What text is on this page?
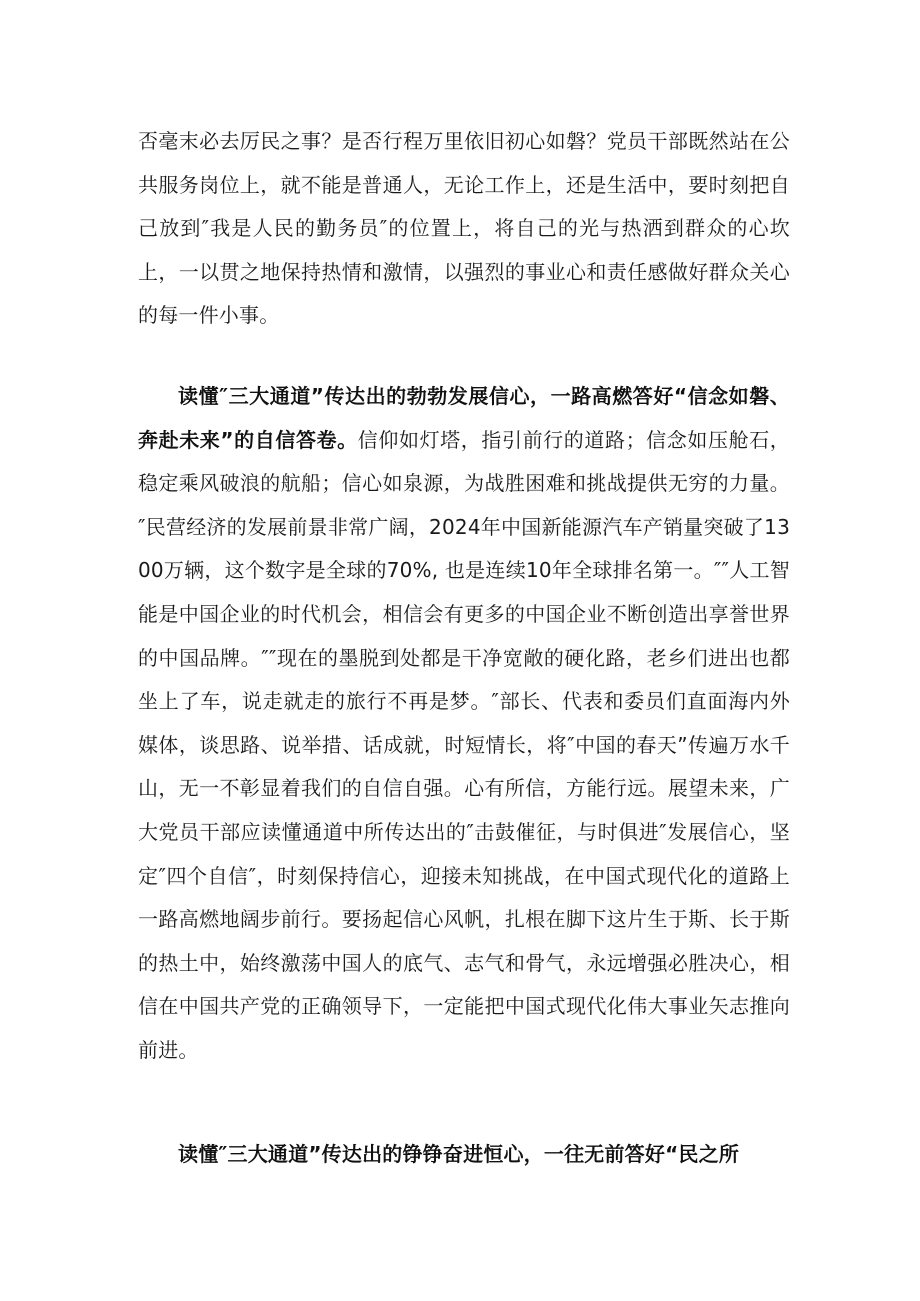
否毫末必去厉民之事？是否行程万里依旧初心如磐？党员干部既然站在公共服务岗位上，就不能是普通人，无论工作上，还是生活中，要时刻把自己放到″我是人民的勤务员″的位置上，将自己的光与热洒到群众的心坎上，一以贯之地保持热情和激情，以强烈的事业心和责任感做好群众关心的每一件小事。

读懂″三大通道”传达出的勃勃发展信心，一路高燃答好“信念如磐、奔赴未来”的自信答卷。信仰如灯塔，指引前行的道路；信念如压舱石，稳定乘风破浪的航船；信心如泉源，为战胜困难和挑战提供无穷的力量。″民营经济的发展前景非常广阔，2024年中国新能源汽车产销量突破了1300万辆，这个数字是全球的70%, 也是连续10年全球排名第一。″″人工智能是中国企业的时代机会，相信会有更多的中国企业不断创造出享誉世界的中国品牌。″″现在的墨脱到处都是干净宽敞的硬化路，老乡们进出也都坐上了车，说走就走的旅行不再是梦。″部长、代表和委员们直面海内外媒体，谈思路、说举措、话成就，时短情长，将″中国的春天”传遍万水千山，无一不彰显着我们的自信自强。心有所信，方能行远。展望未来，广大党员干部应读懂通道中所传达出的″击鼓催征，与时俱进″发展信心，坚定″四个自信″，时刻保持信心，迎接未知挑战，在中国式现代化的道路上一路高燃地阔步前行。要扬起信心风帆，扎根在脚下这片生于斯、长于斯的热土中，始终激荡中国人的底气、志气和骨气，永远增强必胜决心，相信在中国共产党的正确领导下，一定能把中国式现代化伟大事业矢志推向前进。

读懂″三大通道”传达出的铮铮奋进恒心，一往无前答好“民之所
